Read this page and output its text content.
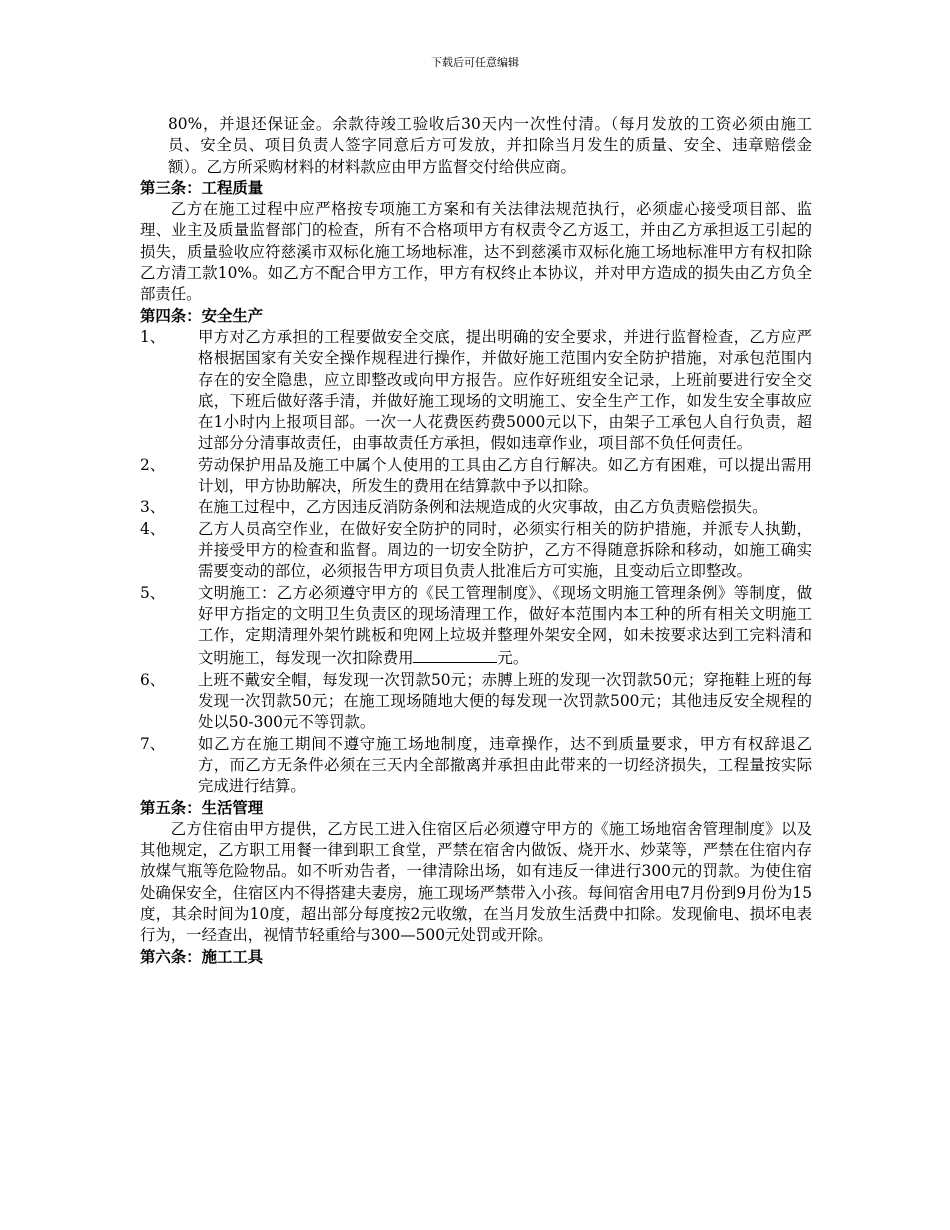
下载后可任意编辑

80%，并退还保证金。余款待竣工验收后30天内一次性付清。（每月发放的工资必须由施工员、安全员、项目负责人签字同意后方可发放，并扣除当月发生的质量、安全、违章赔偿金额）。乙方所采购材料的材料款应由甲方监督交付给供应商。

第三条：工程质量

乙方在施工过程中应严格按专项施工方案和有关法律法规范执行，必须虚心接受项目部、监理、业主及质量监督部门的检查，所有不合格项甲方有权责令乙方返工，并由乙方承担返工引起的损失，质量验收应符慈溪市双标化施工场地标准，达不到慈溪市双标化施工场地标准甲方有权扣除乙方清工款10%。如乙方不配合甲方工作，甲方有权终止本协议，并对甲方造成的损失由乙方负全部责任。

第四条：安全生产

1、 甲方对乙方承担的工程要做安全交底，提出明确的安全要求，并进行监督检查，乙方应严格根据国家有关安全操作规程进行操作，并做好施工范围内安全防护措施，对承包范围内存在的安全隐患，应立即整改或向甲方报告。应作好班组安全记录，上班前要进行安全交底，下班后做好落手清，并做好施工现场的文明施工、安全生产工作，如发生安全事故应在1小时内上报项目部。一次一人花费医药费5000元以下，由架子工承包人自行负责，超过部分分清事故责任，由事故责任方承担，假如违章作业，项目部不负任何责任。
2、 劳动保护用品及施工中属个人使用的工具由乙方自行解决。如乙方有困难，可以提出需用计划，甲方协助解决，所发生的费用在结算款中予以扣除。
3、 在施工过程中，乙方因违反消防条例和法规造成的火灾事故，由乙方负责赔偿损失。
4、 乙方人员高空作业，在做好安全防护的同时，必须实行相关的防护措施，并派专人执勤，并接受甲方的检查和监督。周边的一切安全防护，乙方不得随意拆除和移动，如施工确实需要变动的部位，必须报告甲方项目负责人批准后方可实施，且变动后立即整改。
5、 文明施工：乙方必须遵守甲方的《民工管理制度》、《现场文明施工管理条例》等制度，做好甲方指定的文明卫生负责区的现场清理工作，做好本范围内本工种的所有相关文明施工工作，定期清理外架竹跳板和兜网上垃圾并整理外架安全网，如未按要求达到工完料清和文明施工，每发现一次扣除费用	元。
6、 上班不戴安全帽，每发现一次罚款50元；赤膊上班的发现一次罚款50元；穿拖鞋上班的每发现一次罚款50元；在施工现场随地大便的每发现一次罚款500元；其他违反安全规程的处以50-300元不等罚款。
7、 如乙方在施工期间不遵守施工场地制度，违章操作，达不到质量要求，甲方有权辞退乙方，而乙方无条件必须在三天内全部撤离并承担由此带来的一切经济损失，工程量按实际完成进行结算。

第五条：生活管理

乙方住宿由甲方提供，乙方民工进入住宿区后必须遵守甲方的《施工场地宿舍管理制度》以及其他规定，乙方职工用餐一律到职工食堂，严禁在宿舍内做饭、烧开水、炒菜等，严禁在住宿内存放煤气瓶等危险物品。如不听劝告者，一律清除出场，如有违反一律进行300元的罚款。为使住宿处确保安全，住宿区内不得搭建夫妻房，施工现场严禁带入小孩。每间宿舍用电7月份到9月份为15度，其余时间为10度，超出部分每度按2元收缴，在当月发放生活费中扣除。发现偷电、损坏电表行为，一经查出，视情节轻重给与300—500元处罚或开除。

第六条：施工工具
